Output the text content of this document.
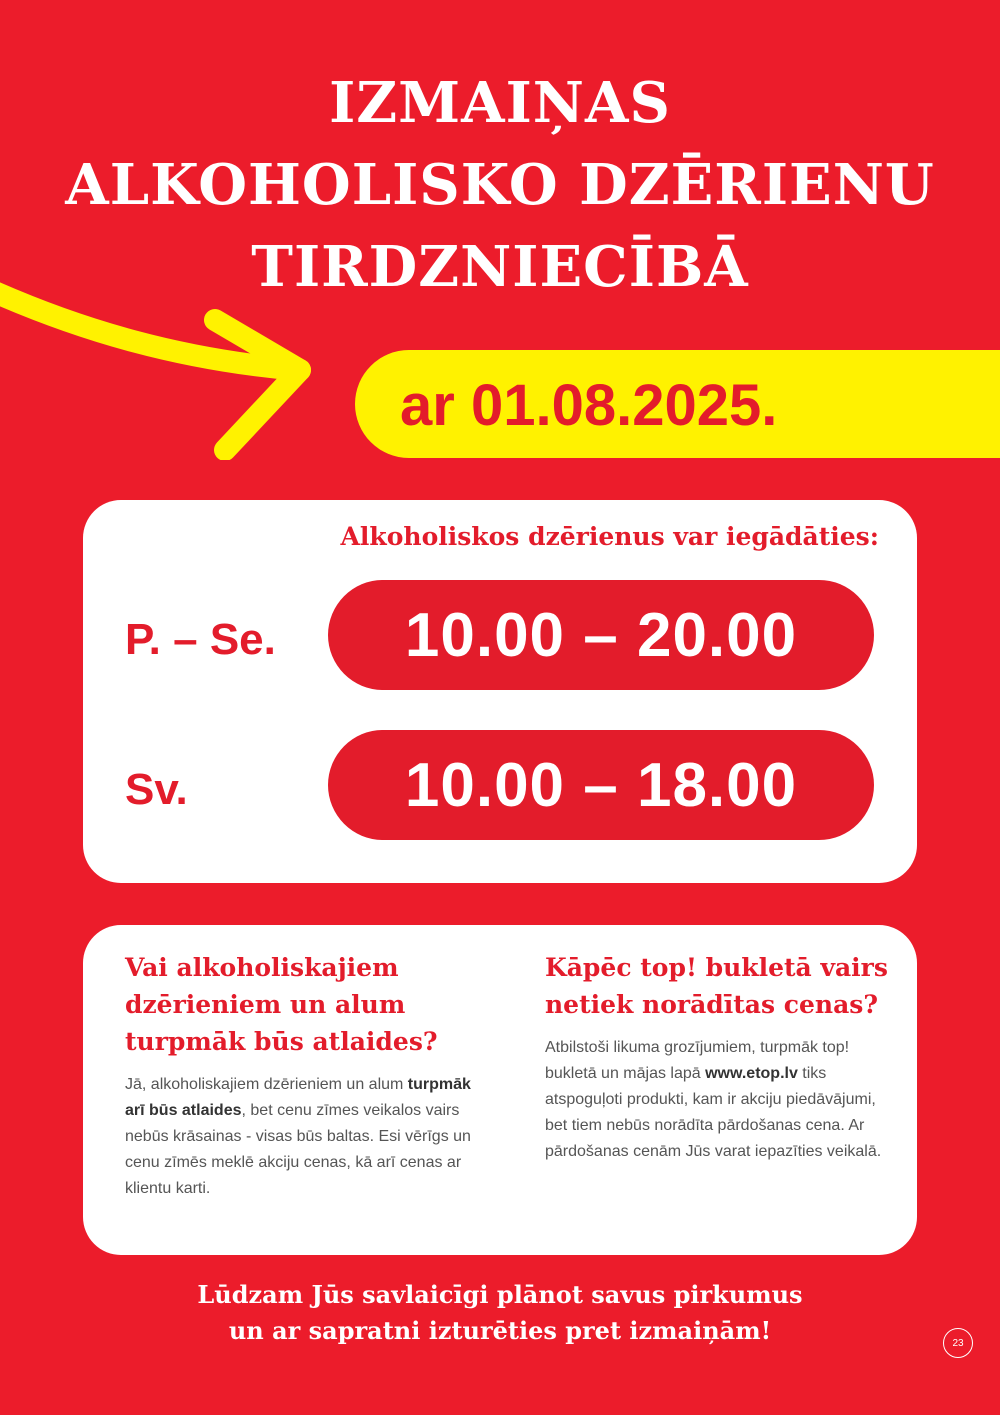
IZMAIŅAS
ALKOHOLISKO DZĒRIENU
TIRDZNIECĪBĀ
ar 01.08.2025.
Alkoholiskos dzērienus var iegādāties:
P. – Se.	10.00 – 20.00
Sv.	10.00 – 18.00
Vai alkoholiskajiem dzērieniem un alum turpmāk būs atlaides?

Jā, alkoholiskajiem dzērieniem un alum turpmāk arī būs atlaides, bet cenu zīmes veikalos vairs nebūs krāsainas - visas būs baltas. Esi vērīgs un cenu zīmēs meklē akciju cenas, kā arī cenas ar klientu karti.

Kāpēc top! bukletā vairs netiek norādītas cenas?

Atbilstoši likuma grozījumiem, turpmāk top! bukletā un mājas lapā www.etop.lv tiks atspoguļoti produkti, kam ir akciju piedāvājumi, bet tiem nebūs norādīta pārdošanas cena. Ar pārdošanas cenām Jūs varat iepazīties veikalā.

Lūdzam Jūs savlaicīgi plānot savus pirkumus
un ar sapratni izturēties pret izmaiņām!	23
